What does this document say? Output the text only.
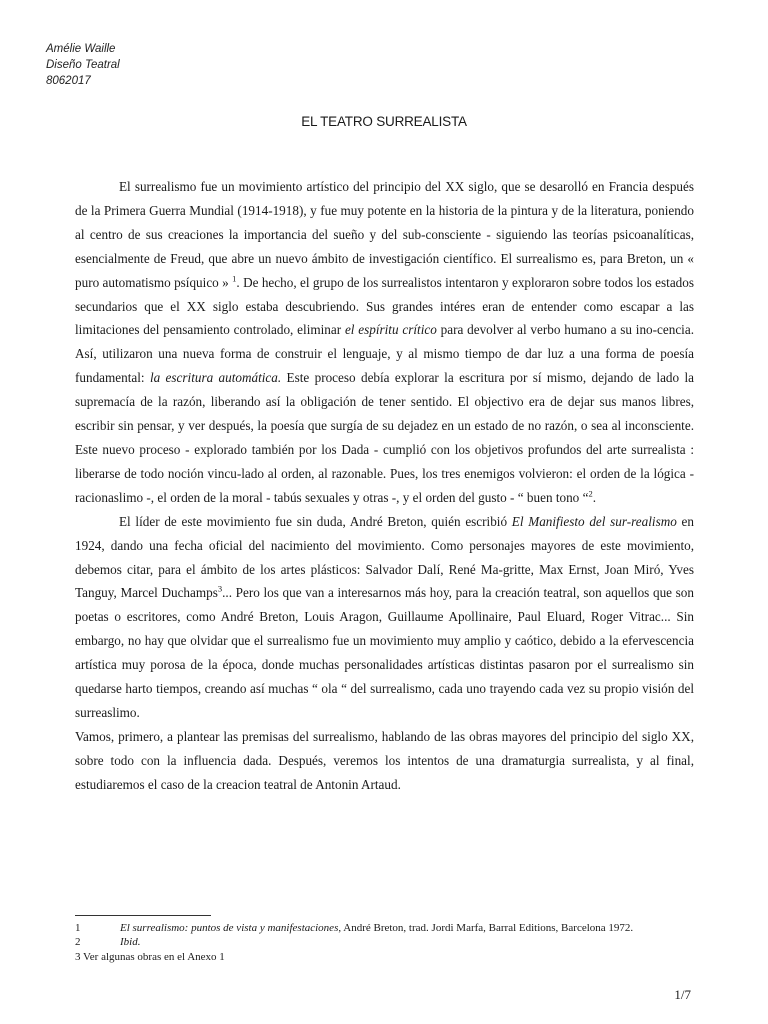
Amélie Waille
Diseño Teatral
8062017
EL TEATRO SURREALISTA

El surrealismo fue un movimiento artístico del principio del XX siglo, que se desarolló en Francia después de la Primera Guerra Mundial (1914-1918), y fue muy potente en la historia de la pintura y de la literatura, poniendo al centro de sus creaciones la importancia del sueño y del sub-consciente - siguiendo las teorías psicoanalíticas, esencialmente de Freud, que abre un nuevo ámbito de investigación científico. El surrealismo es, para Breton, un « puro automatismo psíquico » $^1$. De hecho, el grupo de los surrealistos intentaron y exploraron sobre todos los estados secundarios que el XX siglo estaba descubriendo. Sus grandes intéres eran de entender como escapar a las limitaciones del pensamiento controlado, eliminar el espíritu crítico para devolver al verbo humano a su ino-cencia. Así, utilizaron una nueva forma de construir el lenguaje, y al mismo tiempo de dar luz a una forma de poesía fundamental: la escritura automática. Este proceso debía explorar la escritura por sí mismo, dejando de lado la supremacía de la razón, liberando así la obligación de tener sentido. El objectivo era de dejar sus manos libres, escribir sin pensar, y ver después, la poesía que surgía de su dejadez en un estado de no razón, o sea al inconsciente. Este nuevo proceso - explorado también por los Dada - cumplió con los objetivos profundos del arte surrealista : liberarse de todo noción vincu-lado al orden, al razonable. Pues, los tres enemigos volvieron: el orden de la lógica - racionaslimo -, el orden de la moral - tabús sexuales y otras -, y el orden del gusto - “ buen tono “$^2$.

El líder de este movimiento fue sin duda, André Breton, quién escribió El Manifiesto del sur-realismo en 1924, dando una fecha oficial del nacimiento del movimiento. Como personajes mayores de este movimiento, debemos citar, para el ámbito de los artes plásticos: Salvador Dalí, René Ma-gritte, Max Ernst, Joan Miró, Yves Tanguy, Marcel Duchamps$^3$... Pero los que van a interesarnos más hoy, para la creación teatral, son aquellos que son poetas o escritores, como André Breton, Louis Aragon, Guillaume Apollinaire, Paul Eluard, Roger Vitrac... Sin embargo, no hay que olvidar que el surrealismo fue un movimiento muy amplio y caótico, debido a la efervescencia artística muy porosa de la época, donde muchas personalidades artísticas distintas pasaron por el surrealismo sin quedarse harto tiempos, creando así muchas “ ola “ del surrealismo, cada uno trayendo cada vez su propio visión del surreaslimo.

Vamos, primero, a plantear las premisas del surrealismo, hablando de las obras mayores del principio del siglo XX, sobre todo con la influencia dada. Después, veremos los intentos de una dramaturgia surrealista, y al final, estudiaremos el caso de la creacion teatral de Antonin Artaud.

1	El surrealismo: puntos de vista y manifestaciones, André Breton, trad. Jordi Marfa, Barral Editions, Barcelona 1972.
2	Ibid.
3 Ver algunas obras en el Anexo 1
1/7
